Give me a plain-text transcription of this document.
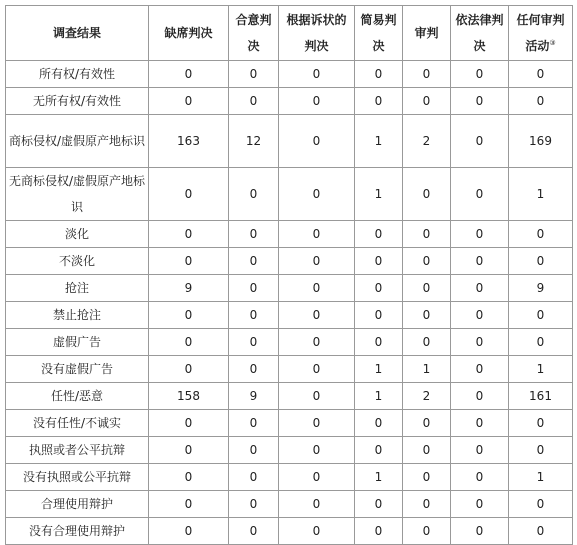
调查结果	缺席判决	合意判决	根据诉状的判决	简易判决	审判	依法律判决	任何审判活动③
所有权/有效性	0	0	0	0	0	0	0
无所有权/有效性	0	0	0	0	0	0	0
商标侵权/虚假原产地标识	163	12	0	1	2	0	169
无商标侵权/虚假原产地标识	0	0	0	1	0	0	1
淡化	0	0	0	0	0	0	0
不淡化	0	0	0	0	0	0	0
抢注	9	0	0	0	0	0	9
禁止抢注	0	0	0	0	0	0	0
虚假广告	0	0	0	0	0	0	0
没有虚假广告	0	0	0	1	1	0	1
任性/恶意	158	9	0	1	2	0	161
没有任性/不诚实	0	0	0	0	0	0	0
执照或者公平抗辩	0	0	0	0	0	0	0
没有执照或公平抗辩	0	0	0	1	0	0	1
合理使用辩护	0	0	0	0	0	0	0
没有合理使用辩护	0	0	0	0	0	0	0
